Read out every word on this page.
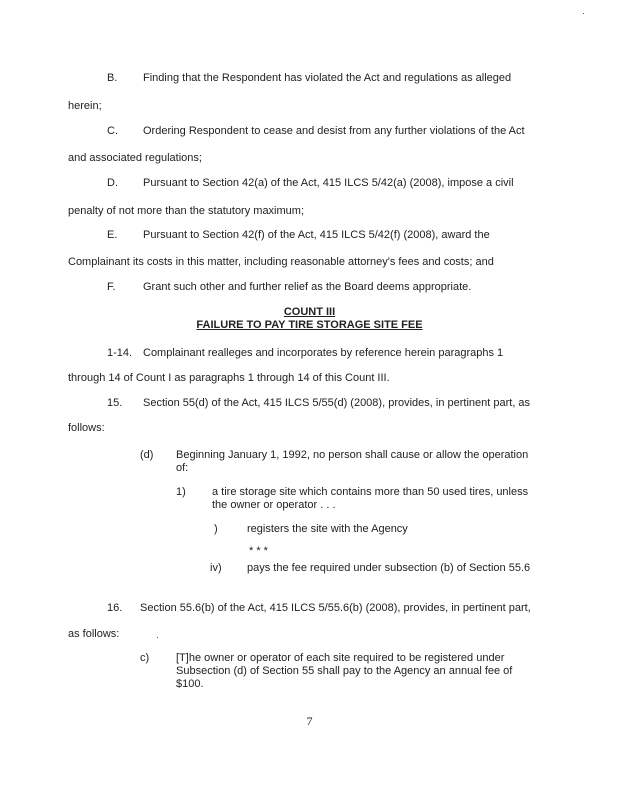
B. Finding that the Respondent has violated the Act and regulations as alleged
herein;
C. Ordering Respondent to cease and desist from any further violations of the Act
and associated regulations;
D. Pursuant to Section 42(a) of the Act, 415 ILCS 5/42(a) (2008), impose a civil
penalty of not more than the statutory maximum;
E. Pursuant to Section 42(f) of the Act, 415 ILCS 5/42(f) (2008), award the
Complainant its costs in this matter, including reasonable attorney's fees and costs; and
F. Grant such other and further relief as the Board deems appropriate.
COUNT III
FAILURE TO PAY TIRE STORAGE SITE FEE
1-14. Complainant realleges and incorporates by reference herein paragraphs 1
through 14 of Count I as paragraphs 1 through 14 of this Count III.
15. Section 55(d) of the Act, 415 ILCS 5/55(d) (2008), provides, in pertinent part, as
follows:
(d) Beginning January 1, 1992, no person shall cause or allow the operation
of:
1) a tire storage site which contains more than 50 used tires, unless
the owner or operator . . .
)	registers the site with the Agency
* * *
iv) pays the fee required under subsection (b) of Section 55.6
16. Section 55.6(b) of the Act, 415 ILCS 5/55.6(b) (2008), provides, in pertinent part,
as follows:
c) [T]he owner or operator of each site required to be registered under
Subsection (d) of Section 55 shall pay to the Agency an annual fee of
$100.
7
